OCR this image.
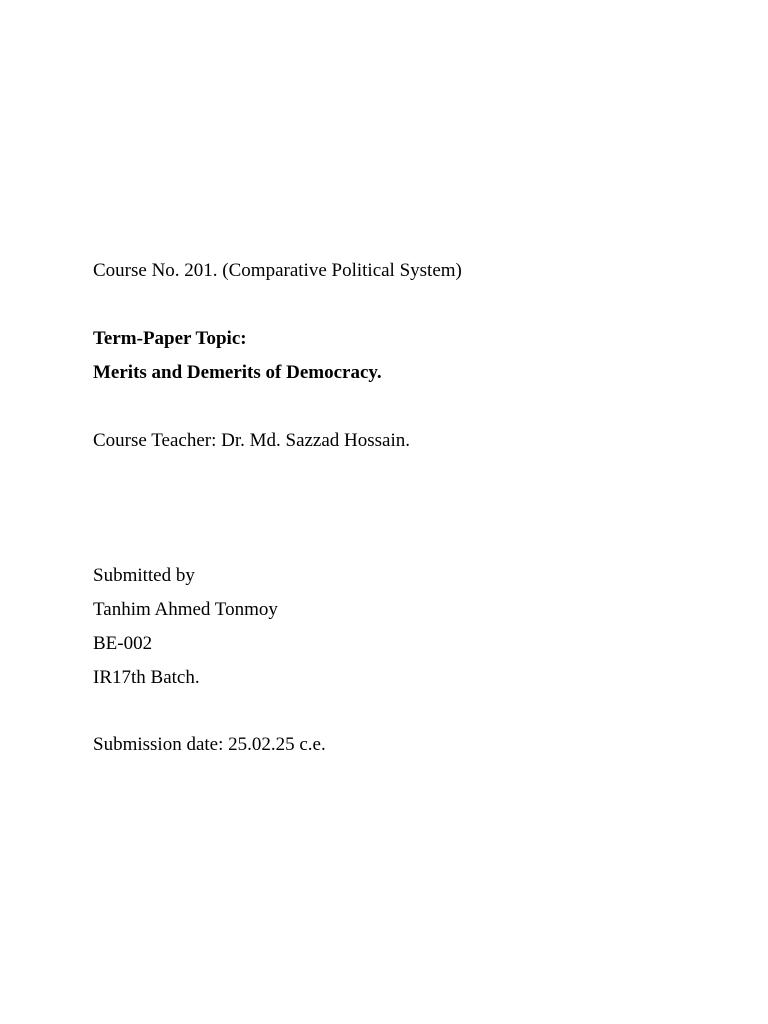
Course No. 201. (Comparative Political System)
Term-Paper Topic:
Merits and Demerits of Democracy.
Course Teacher: Dr. Md. Sazzad Hossain.
Submitted by
Tanhim Ahmed Tonmoy
BE-002
IR17th Batch.
Submission date: 25.02.25 c.e.
